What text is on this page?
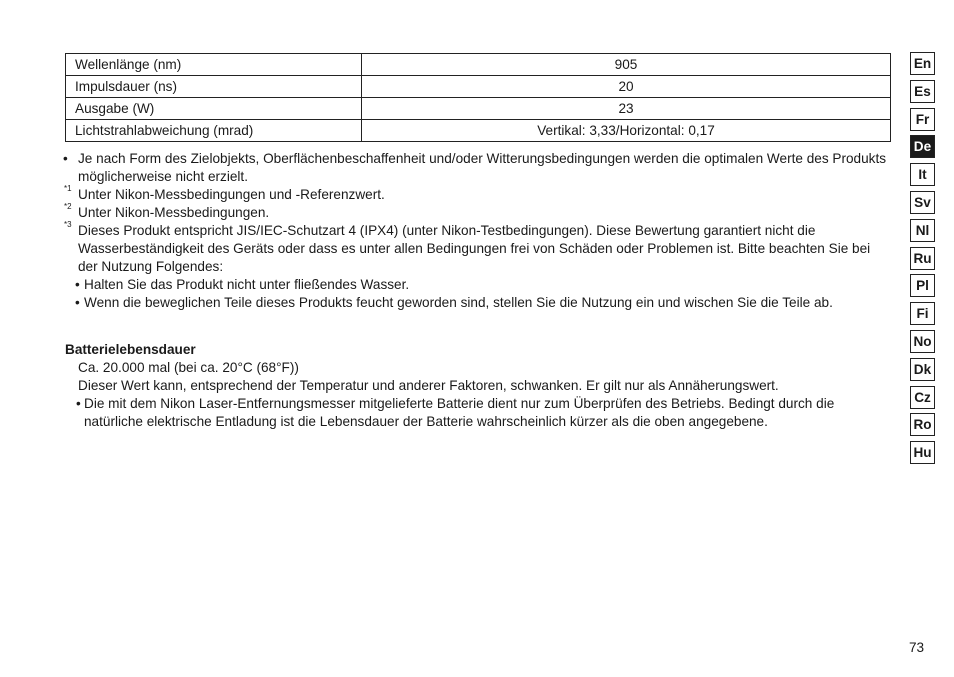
Wellenlänge (nm)	905
Impulsdauer (ns)	20
Ausgabe (W)	23
Lichtstrahlabweichung (mrad)	Vertikal: 3,33/Horizontal: 0,17

• Je nach Form des Zielobjekts, Oberflächenbeschaffenheit und/oder Witterungsbedingungen werden die optimalen Werte des Produkts möglicherweise nicht erzielt.

*1 Unter Nikon-Messbedingungen und -Referenzwert.

*2 Unter Nikon-Messbedingungen.

*3 Dieses Produkt entspricht JIS/IEC-Schutzart 4 (IPX4) (unter Nikon-Testbedingungen). Diese Bewertung garantiert nicht die Wasserbeständigkeit des Geräts oder dass es unter allen Bedingungen frei von Schäden oder Problemen ist. Bitte beachten Sie bei der Nutzung Folgendes:

• Halten Sie das Produkt nicht unter fließendes Wasser.

• Wenn die beweglichen Teile dieses Produkts feucht geworden sind, stellen Sie die Nutzung ein und wischen Sie die Teile ab.

Batterielebensdauer

Ca. 20.000 mal (bei ca. 20°C (68°F))

Dieser Wert kann, entsprechend der Temperatur und anderer Faktoren, schwanken. Er gilt nur als Annäherungswert.

• Die mit dem Nikon Laser-Entfernungsmesser mitgelieferte Batterie dient nur zum Überprüfen des Betriebs. Bedingt durch die natürliche elektrische Entladung ist die Lebensdauer der Batterie wahrscheinlich kürzer als die oben angegebene.

En
Es
Fr
De
It
Sv
Nl
Ru
Pl
Fi
No
Dk
Cz
Ro
Hu
73
